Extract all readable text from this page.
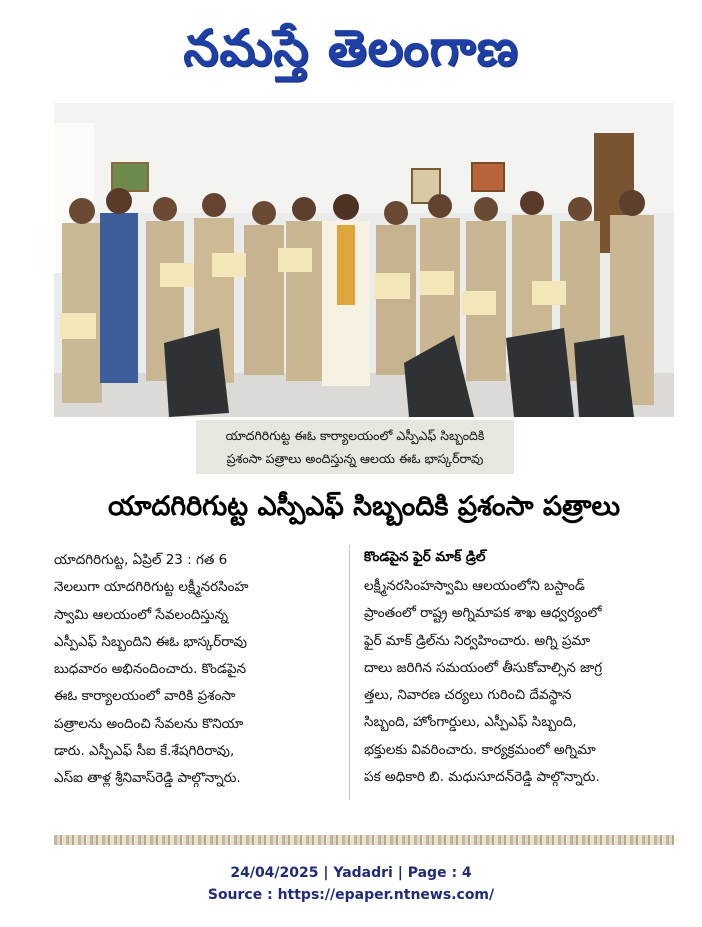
నమస్తే తెలంగాణ
యాదగిరిగుట్ట ఈఓ కార్యాలయంలో ఎస్పీఎఫ్ సిబ్బందికి
ప్రశంసా పత్రాలు అందిస్తున్న ఆలయ ఈఓ భాస్కర్‌రావు
యాదగిరిగుట్ట ఎస్పీఎఫ్ సిబ్బందికి ప్రశంసా పత్రాలు
యాదగిరిగుట్ట, ఏప్రిల్ 23 : గత 6
నెలలుగా యాదగిరిగుట్ట లక్ష్మీనరసింహ
స్వామి ఆలయంలో సేవలందిస్తున్న
ఎస్పీఎఫ్ సిబ్బందిని ఈఓ భాస్కర్‌రావు
బుధవారం అభినందించారు. కొండపైన
ఈఓ కార్యాలయంలో వారికి ప్రశంసా
పత్రాలను అందించి సేవలను కొనియా
డారు. ఎస్పీఎఫ్ సీఐ కే.శేషగిరిరావు,
ఎస్ఐ తాళ్ల శ్రీనివాస్‌రెడ్డి పాల్గొన్నారు.
కొండపైన ఫైర్ మాక్ డ్రిల్
లక్ష్మీనరసింహస్వామి ఆలయంలోని బస్టాండ్
ప్రాంతంలో రాష్ట్ర అగ్నిమాపక శాఖ ఆధ్వర్యంలో
ఫైర్ మాక్ డ్రిల్‌ను నిర్వహించారు. అగ్ని ప్రమా
దాలు జరిగిన సమయంలో తీసుకోవాల్సిన జాగ్ర
త్తలు, నివారణ చర్యలు గురించి దేవస్థాన
సిబ్బంది, హోంగార్డులు, ఎస్పీఎఫ్ సిబ్బంది,
భక్తులకు వివరించారు. కార్యక్రమంలో అగ్నిమా
పక అధికారి బి. మధుసూదన్‌రెడ్డి పాల్గొన్నారు.
24/04/2025 | Yadadri | Page : 4
Source : https://epaper.ntnews.com/
